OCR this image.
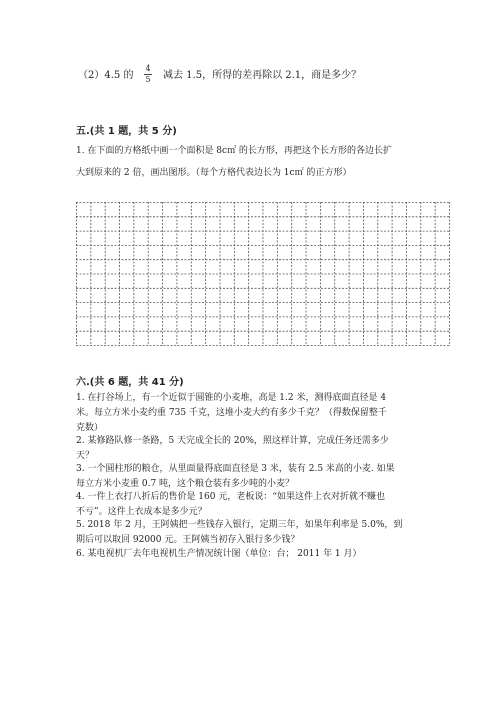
（2）4.5 的
4
5 减去 1.5，所得的差再除以 2.1，商是多少？
五.(共 1 题，共 5 分)
1. 在下面的方格纸中画一个面积是 8c㎡ 的长方形，再把这个长方形的各边长扩
大到原来的 2 倍，画出图形。（每个方格代表边长为 1c㎡ 的正方形）
六.(共 6 题，共 41 分)
1. 在打谷场上，有一个近似于圆锥的小麦堆，高是 1.2 米，测得底面直径是 4
米。每立方米小麦约重 735 千克，这堆小麦大约有多少千克？（得数保留整千
克数）
2. 某修路队修一条路，5 天完成全长的 20%，照这样计算，完成任务还需多少
天？
3. 一个圆柱形的粮仓，从里面量得底面直径是 3 米，装有 2.5 米高的小麦. 如果
每立方米小麦重 0.7 吨，这个粮仓装有多少吨的小麦？
4. 一件上衣打八折后的售价是 160 元，老板说：“如果这件上衣对折就不赚也
不亏”。这件上衣成本是多少元？
5. 2018 年 2 月，王阿姨把一些钱存入银行，定期三年，如果年利率是 5.0%，到
期后可以取回 92000 元。王阿姨当初存入银行多少钱？
6. 某电视机厂去年电视机生产情况统计图（单位：台； 2011 年 1 月）
